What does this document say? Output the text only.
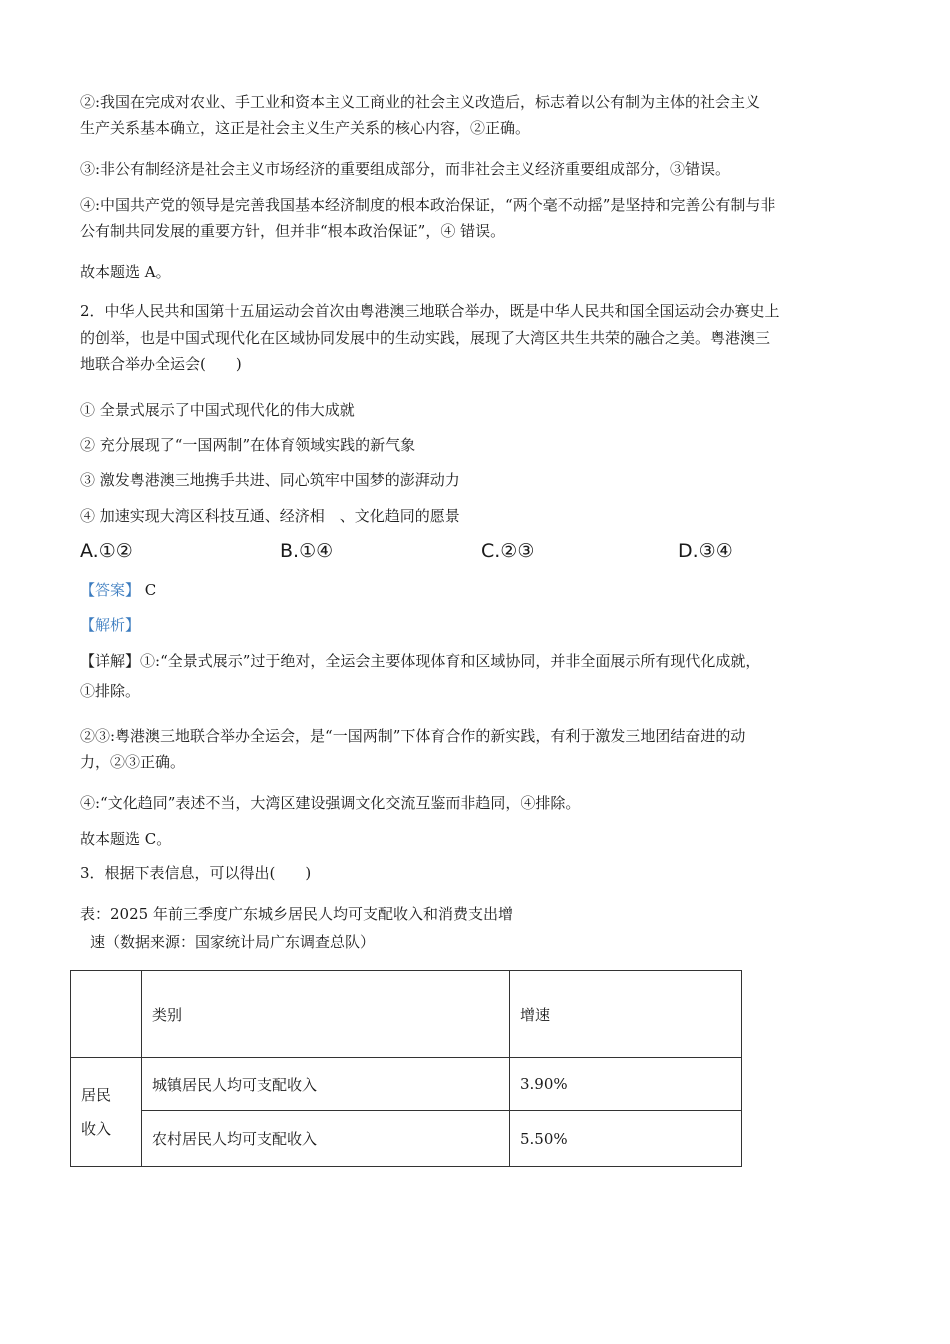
②:我国在完成对农业、手工业和资本主义工商业的社会主义改造后，标志着以公有制为主体的社会主义
生产关系基本确立，这正是社会主义生产关系的核心内容，②正确。
③:非公有制经济是社会主义市场经济的重要组成部分，而非社会主义经济重要组成部分，③错误。
④:中国共产党的领导是完善我国基本经济制度的根本政治保证，“两个毫不动摇”是坚持和完善公有制与非
公有制共同发展的重要方针，但并非“根本政治保证”，④ 错误。
故本题选 A。
2．中华人民共和国第十五届运动会首次由粤港澳三地联合举办，既是中华人民共和国全国运动会办赛史上
的创举，也是中国式现代化在区域协同发展中的生动实践，展现了大湾区共生共荣的融合之美。粤港澳三
地联合举办全运会(　　)
① 全景式展示了中国式现代化的伟大成就
② 充分展现了“一国两制”在体育领域实践的新气象
③ 激发粤港澳三地携手共进、同心筑牢中国梦的澎湃动力
④ 加速实现大湾区科技互通、经济相　、文化趋同的愿景
A.①②	B.①④	C.②③	D.③④
【答案】 C
【解析】
【详解】①:“全景式展示”过于绝对，全运会主要体现体育和区域协同，并非全面展示所有现代化成就，
①排除。
②③:粤港澳三地联合举办全运会，是“一国两制”下体育合作的新实践，有利于激发三地团结奋进的动
力，②③正确。
④:“文化趋同”表述不当，大湾区建设强调文化交流互鉴而非趋同，④排除。
故本题选 C。
3．根据下表信息，可以得出(　　)
表：2025 年前三季度广东城乡居民人均可支配收入和消费支出增
速（数据来源：国家统计局广东调查总队）
	类别	增速

居民
收入	城镇居民人均可支配收入	3.90%
	农村居民人均可支配收入	5.50%
